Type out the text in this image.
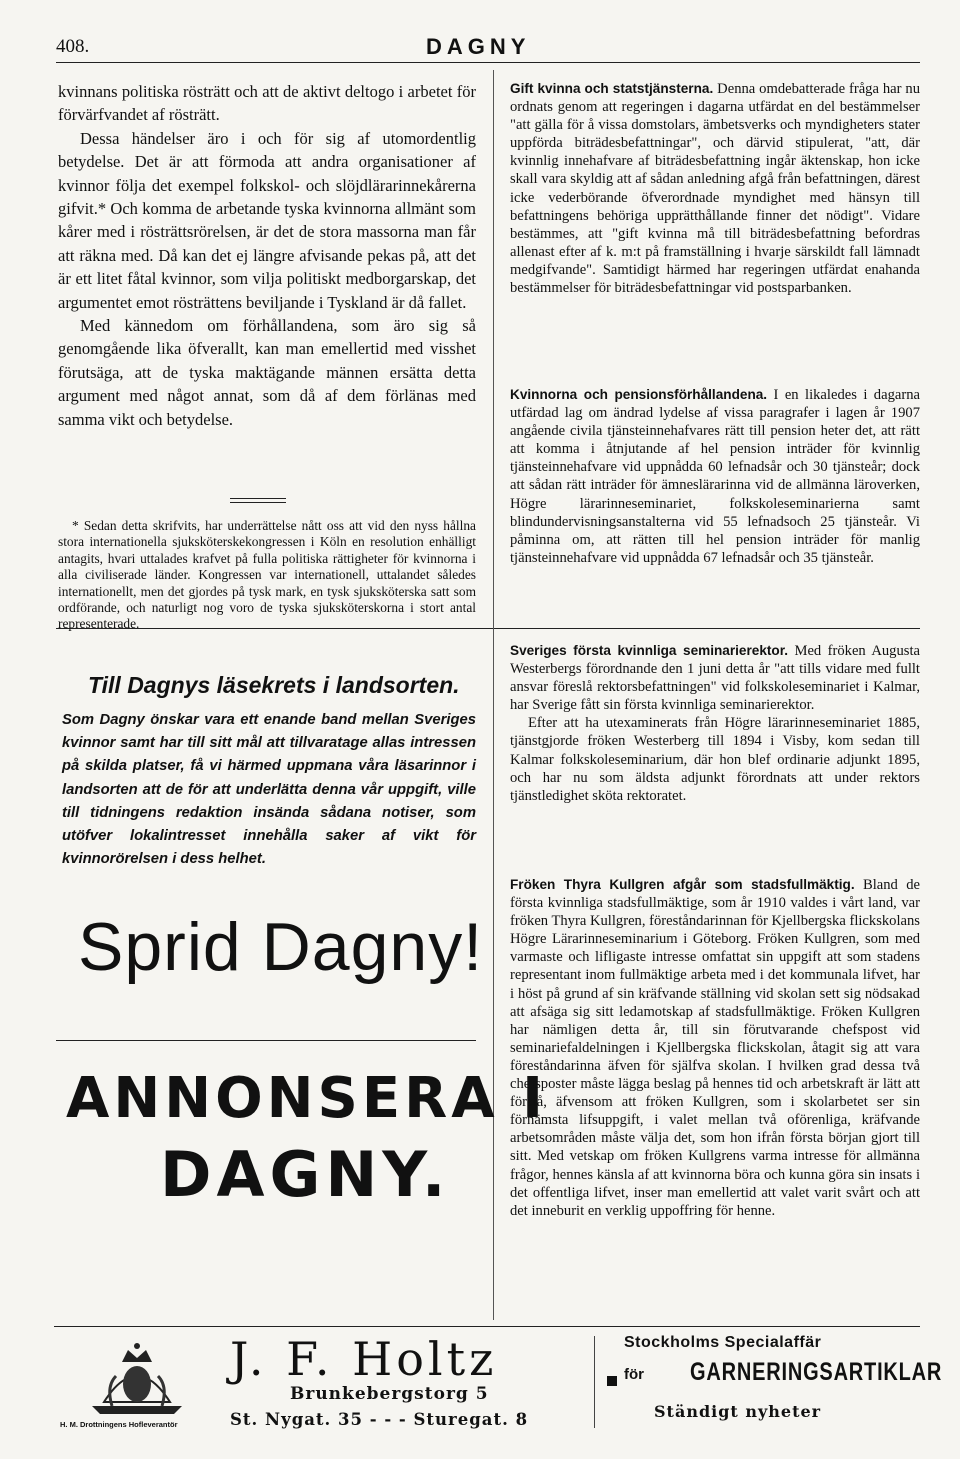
408.	DAGNY

kvinnans politiska rösträtt och att de aktivt deltogo i arbetet för förvärfvandet af rösträtt.

Dessa händelser äro i och för sig af utomordentlig betydelse. Det är att förmoda att andra organisationer af kvinnor följa det exempel folkskol- och slöjdlärarinnekårerna gifvit.* Och komma de arbetande tyska kvinnorna allmänt som kårer med i rösträttsrörelsen, är det de stora massorna man får att räkna med. Då kan det ej längre afvisande pekas på, att det är ett litet fåtal kvinnor, som vilja politiskt medborgarskap, det argumentet emot rösträttens beviljande i Tyskland är då fallet.

Med kännedom om förhållandena, som äro sig så genomgående lika öfverallt, kan man emellertid med visshet förutsäga, att de tyska maktägande männen ersätta detta argument med något annat, som då af dem förlänas med samma vikt och betydelse.

* Sedan detta skrifvits, har underrättelse nått oss att vid den nyss hållna stora internationella sjuksköterskekongressen i Köln en resolution enhälligt antagits, hvari uttalades krafvet på fulla politiska rättigheter för kvinnorna i alla civiliserade länder. Kongressen var internationell, uttalandet således internationellt, men det gjordes på tysk mark, en tysk sjuksköterska satt som ordförande, och naturligt nog voro de tyska sjuksköterskorna i stort antal representerade.

Till Dagnys läsekrets i landsorten.

Som Dagny önskar vara ett enande band mellan Sveriges kvinnor samt har till sitt mål att tillvaratage allas intressen på skilda platser, få vi härmed uppmana våra läsarinnor i landsorten att de för att underlätta denna vår uppgift, ville till tidningens redaktion insända sådana notiser, som utöfver lokalintresset innehålla saker af vikt för kvinnorörelsen i dess helhet.

Sprid Dagny!
ANNONSERA I
DAGNY.

Gift kvinna och statstjänsterna. Denna omdebatterade fråga har nu ordnats genom att regeringen i dagarna utfärdat en del bestämmelser "att gälla för å vissa domstolars, ämbetsverks och myndigheters stater uppförda biträdesbefattningar", och därvid stipulerat, "att, där kvinnlig innehafvare af biträdesbefattning ingår äktenskap, hon icke skall vara skyldig att af sådan anledning afgå från befattningen, därest icke vederbörande öfverordnade myndighet med hänsyn till befattningens behöriga upprätthållande finner det nödigt". Vidare bestämmes, att "gift kvinna må till biträdesbefattning befordras allenast efter af k. m:t på framställning i hvarje särskildt fall lämnadt medgifvande". Samtidigt härmed har regeringen utfärdat enahanda bestämmelser för biträdesbefattningar vid postsparbanken.

Kvinnorna och pensionsförhållandena. I en likaledes i dagarna utfärdad lag om ändrad lydelse af vissa paragrafer i lagen år 1907 angående civila tjänsteinnehafvares rätt till pension heter det, att rätt att komma i åtnjutande af hel pension inträder för kvinnlig tjänsteinnehafvare vid uppnådda 60 lefnadsår och 30 tjänsteår; dock att sådan rätt inträder för ämneslärarinna vid de allmänna läroverken, Högre lärarinneseminariet, folkskoleseminarierna samt blindundervisningsanstalterna vid 55 lefnadsoch 25 tjänsteår. Vi påminna om, att rätten till hel pension inträder för manlig tjänsteinnehafvare vid uppnådda 67 lefnadsår och 35 tjänsteår.

Sveriges första kvinnliga seminarierektor. Med fröken Augusta Westerbergs förordnande den 1 juni detta år "att tills vidare med fullt ansvar föreslå rektorsbefattningen" vid folkskoleseminariet i Kalmar, har Sverige fått sin första kvinnliga seminarierektor.

Efter att ha utexaminerats från Högre lärarinneseminariet 1885, tjänstgjorde fröken Westerberg till 1894 i Visby, kom sedan till Kalmar folkskoleseminarium, där hon blef ordinarie adjunkt 1895, och har nu som äldsta adjunkt förordnats att under rektors tjänstledighet sköta rektoratet.

Fröken Thyra Kullgren afgår som stadsfullmäktig. Bland de första kvinnliga stadsfullmäktige, som år 1910 valdes i vårt land, var fröken Thyra Kullgren, föreståndarinnan för Kjellbergska flickskolans Högre Lärarinneseminarium i Göteborg. Fröken Kullgren, som med varmaste och lifligaste intresse omfattat sin uppgift att som stadens representant inom fullmäktige arbeta med i det kommunala lifvet, har i höst på grund af sin kräfvande ställning vid skolan sett sig nödsakad att afsäga sig sitt ledamotskap af stadsfullmäktige. Fröken Kullgren har nämligen detta år, till sin förutvarande chefspost vid seminariefaldelningen i Kjellbergska flickskolan, åtagit sig att vara föreståndarinna äfven för själfva skolan. I hvilken grad dessa två chefsposter måste lägga beslag på hennes tid och arbetskraft är lätt att förstå, äfvensom att fröken Kullgren, som i skolarbetet ser sin förnämsta lifsuppgift, i valet mellan två oförenliga, kräfvande arbetsområden måste välja det, som hon ifrån första början gjort till sitt. Med vetskap om fröken Kullgrens varma intresse för allmänna frågor, hennes känsla af att kvinnorna böra och kunna göra sin insats i det offentliga lifvet, inser man emellertid att valet varit svårt och att det inneburit en verklig uppoffring för henne.

H. M. Drottningens Hofleverantör
J. F. Holtz
Brunkebergstorg 5
St. Nygat. 35 - - - Sturegat. 8
Stockholms Specialaffär
för GARNERINGSARTIKLAR
Ständigt nyheter
